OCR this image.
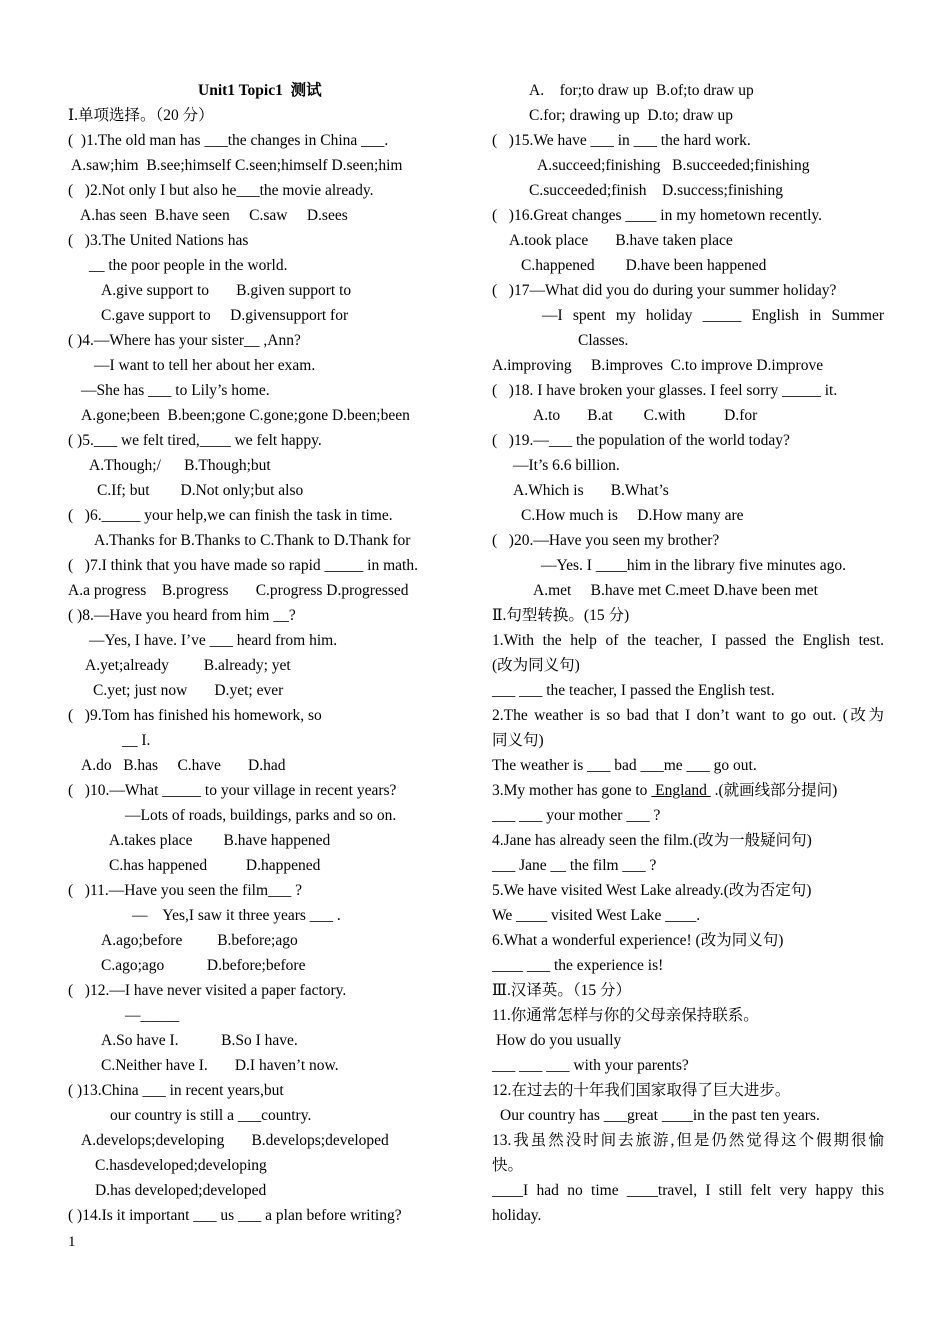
Unit1 Topic1  测试
Ⅰ.单项选择。（20 分）
(  )1.The old man has ___the changes in China ___.
A.saw;him  B.see;himself C.seen;himself D.seen;him
(   )2.Not only I but also he___the movie already.
A.has seen  B.have seen     C.saw     D.sees
(   )3.The United Nations has
__ the poor people in the world.
A.give support to       B.given support to
C.gave support to     D.givensupport for
( )4.—Where has your sister__ ,Ann?
—I want to tell her about her exam.
—She has ___ to Lily’s home.
A.gone;been  B.been;gone C.gone;gone D.been;been
( )5.___ we felt tired,____ we felt happy.
A.Though;/      B.Though;but
C.If; but        D.Not only;but also
(   )6._____ your help,we can finish the task in time.
A.Thanks for B.Thanks to C.Thank to D.Thank for
(   )7.I think that you have made so rapid _____ in math.
A.a progress    B.progress       C.progress D.progressed
( )8.—Have you heard from him __?
—Yes, I have. I’ve ___ heard from him.
A.yet;already         B.already; yet
C.yet; just now       D.yet; ever
(   )9.Tom has finished his homework, so
__ I.
A.do   B.has     C.have       D.had
(   )10.—What _____ to your village in recent years?
—Lots of roads, buildings, parks and so on.
A.takes place        B.have happened
C.has happened          D.happened
(   )11.—Have you seen the film___ ?
—    Yes,I saw it three years ___ .
A.ago;before         B.before;ago
C.ago;ago           D.before;before
(   )12.—I have never visited a paper factory.
—_____
A.So have I.           B.So I have.
C.Neither have I.       D.I haven’t now.
( )13.China ___ in recent years,but
our country is still a ___country.
A.develops;developing       B.develops;developed
C.hasdeveloped;developing
D.has developed;developed
( )14.Is it important ___ us ___ a plan before writing?
A.    for;to draw up  B.of;to draw up
C.for; drawing up  D.to; draw up
(   )15.We have ___ in ___ the hard work.
A.succeed;finishing   B.succeeded;finishing
C.succeeded;finish    D.success;finishing
(   )16.Great changes ____ in my hometown recently.
A.took place       B.have taken place
C.happened        D.have been happened
(   )17—What did you do during your summer holiday?
—I spent my holiday _____ English in Summer
Classes.
A.improving     B.improves  C.to improve D.improve
(   )18. I have broken your glasses. I feel sorry _____ it.
A.to       B.at        C.with          D.for
(   )19.—___ the population of the world today?
—It’s 6.6 billion.
A.Which is       B.What’s
C.How much is     D.How many are
(   )20.—Have you seen my brother?
—Yes. I ____him in the library five minutes ago.
A.met     B.have met C.meet D.have been met
Ⅱ.句型转换。(15 分)
1.With the help of the teacher, I passed the English test.
(改为同义句)
___ ___ the teacher, I passed the English test.
2.The weather is so bad that I don’t want to go out. (改为
同义句)
The weather is ___ bad ___me ___ go out.
3.My mother has gone to  England  .(就画线部分提问)
___ ___ your mother ___ ?
4.Jane has already seen the film.(改为一般疑问句)
___ Jane __ the film ___ ?
5.We have visited West Lake already.(改为否定句)
We ____ visited West Lake ____.
6.What a wonderful experience! (改为同义句)
____ ___ the experience is!
Ⅲ.汉译英。（15 分）
11.你通常怎样与你的父母亲保持联系。
How do you usually
___ ___ ___ with your parents?
12.在过去的十年我们国家取得了巨大进步。
Our country has ___great ____in the past ten years.
13.我虽然没时间去旅游,但是仍然觉得这个假期很愉
快。
____I had no time ____travel, I still felt very happy this
holiday.
1
